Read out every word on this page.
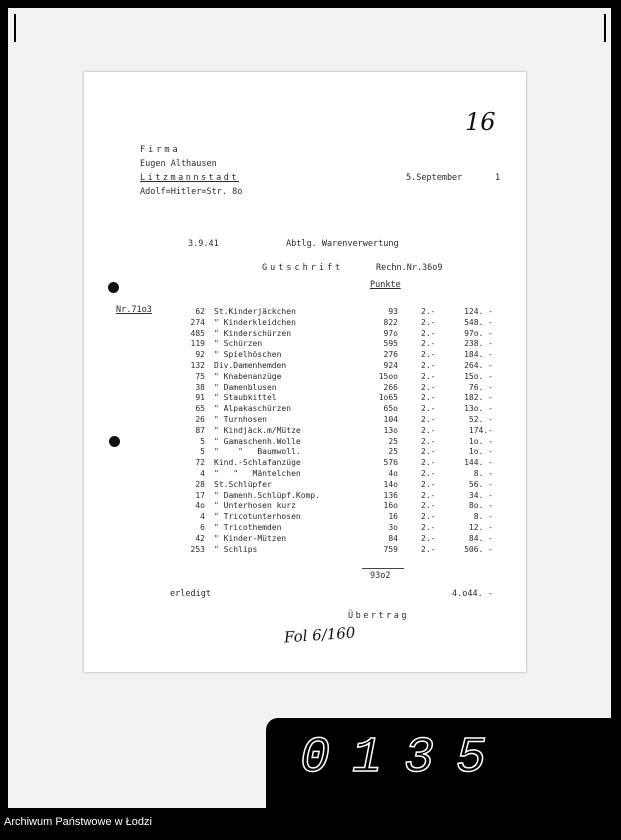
16
Firma
Eugen Althausen
Litzmannstadt
Adolf=Hitler=Str. 8o
5.September	1
3.9.41	Abtlg. Warenverwertung
Gutschrift	Rechn.Nr.36o9
Punkte
Nr.71o3	62 St.Kinderjäckchen	93	2.-	124. -
274 " Kinderkleidchen	822	2.-	548. -
485 " Kinderschürzen	97o	2.-	97o. -
119 " Schürzen	595	2.-	238. -
92 " Spielhöschen	276	2.-	184. -
132 Div.Damenhemden	924	2.-	264. -
75 " Knabenanzüge	15oo	2.-	15o. -
38 " Damenblusen	266	2.-	76. -
91 " Staubkittel	1o65	2.-	182. -
65 " Alpakaschürzen	65o	2.-	13o. -
26 " Turnhosen	104	2.-	52. -
87 " Kindjäck.m/Mütze	13o	2.-	174.-
5 " Gamaschenh.Wolle	25	2.-	1o. -
5 "    "   Baumwoll.	25	2.-	1o. -
72 Kind.-Schlafanzüge	576	2.-	144. -
4 "   "   Mäntelchen	4o	2.-	8. -
28 St.Schlüpfer	14o	2.-	56. -
17 " Damenh.Schlüpf.Komp.	136	2.-	34. -
4o " Unterhosen kurz	16o	2.-	8o. -
4 " Tricotunterhosen	16	2.-	8. -
6 " Tricothemden	3o	2.-	12. -
42 " Kinder-Mützen	84	2.-	84. -
253 " Schlips	759	2.-	506. -
93o2
erledigt	4.o44. -
Übertrag
Fol 6/160
0135
Archiwum Państwowe w Łodzi
